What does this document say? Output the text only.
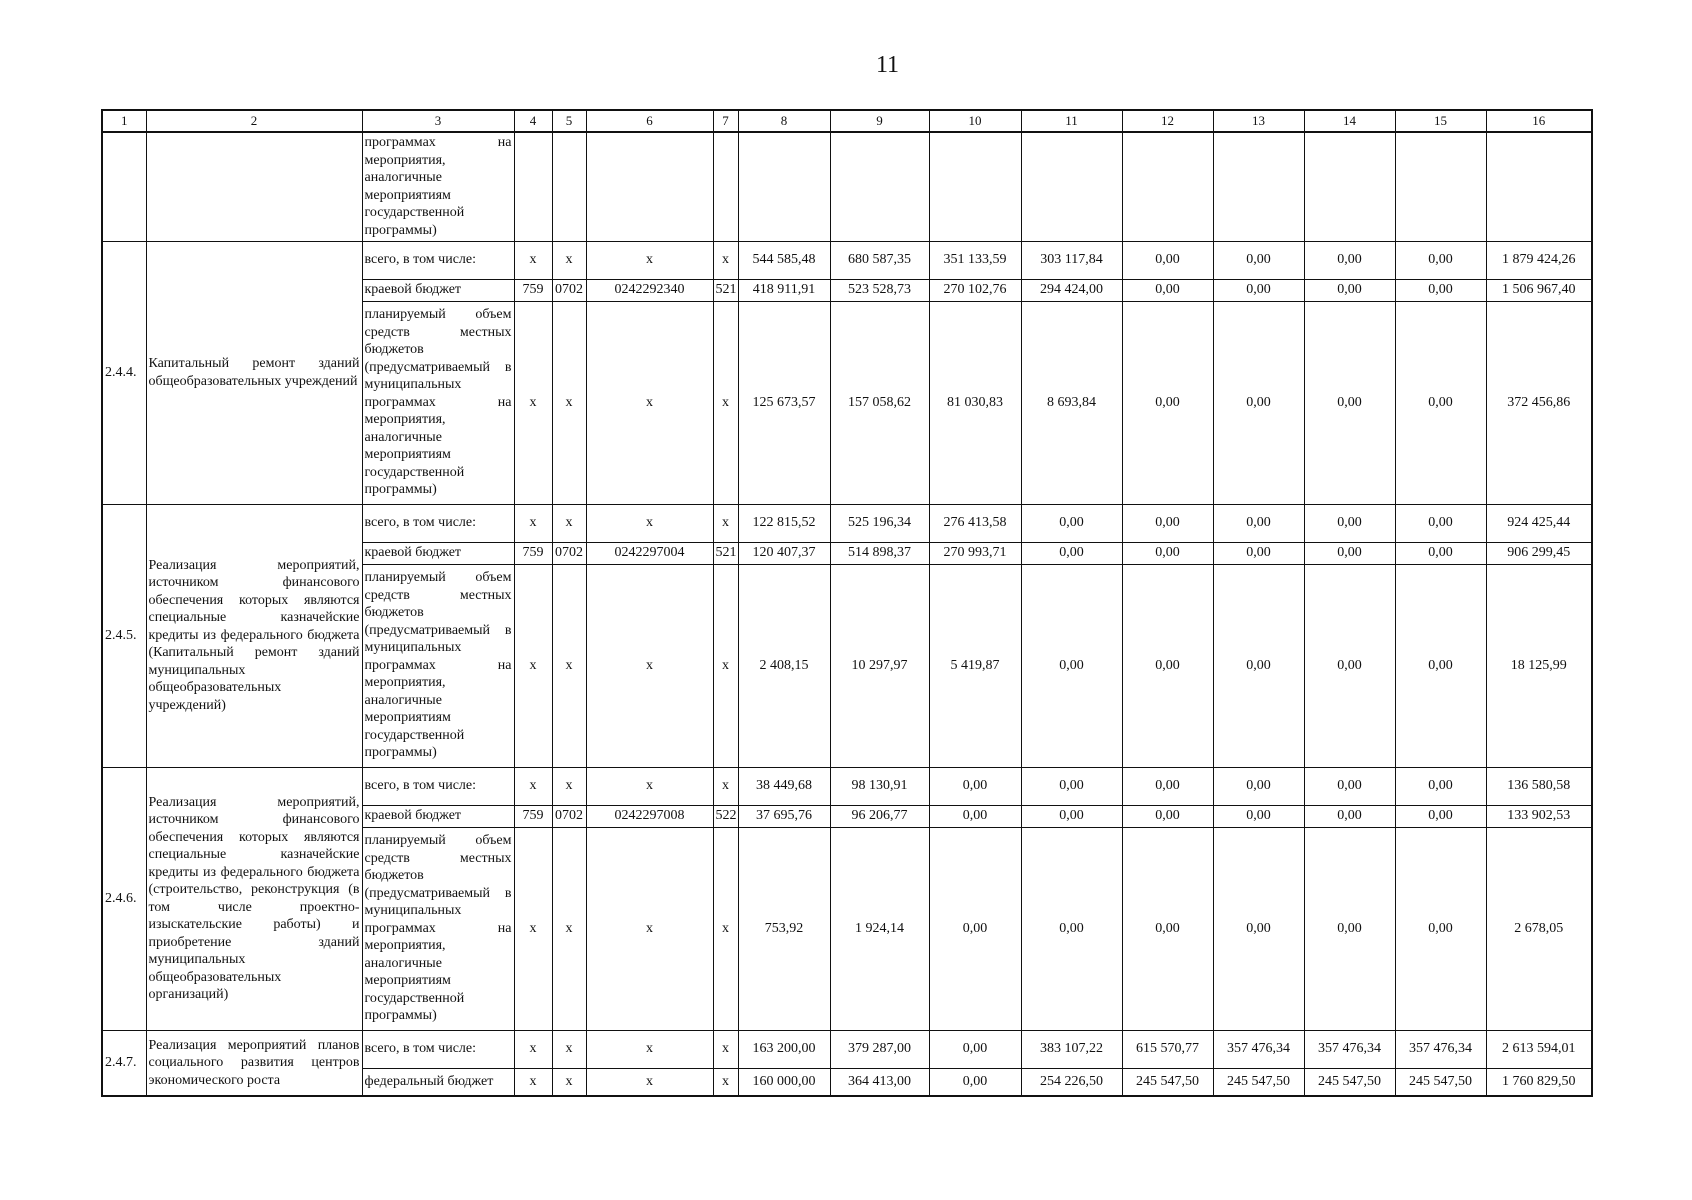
11
1	2	3	4	5	6	7	8	9	10	11	12	13	14	15	16
		программах на мероприятия, аналогичные мероприятиям государственной программы)													
2.4.4.	Капитальный ремонт зданий общеобразовательных учреждений	всего, в том числе:	х	х	х	х	544 585,48	680 587,35	351 133,59	303 117,84	0,00	0,00	0,00	0,00	1 879 424,26
		краевой бюджет	759	0702	0242292340	521	418 911,91	523 528,73	270 102,76	294 424,00	0,00	0,00	0,00	0,00	1 506 967,40
		планируемый объем средств местных бюджетов (предусматриваемый в муниципальных программах на мероприятия, аналогичные мероприятиям государственной программы)	х	х	х	х	125 673,57	157 058,62	81 030,83	8 693,84	0,00	0,00	0,00	0,00	372 456,86
2.4.5.	Реализация мероприятий, источником финансового обеспечения которых являются специальные казначейские кредиты из федерального бюджета (Капитальный ремонт зданий муниципальных общеобразовательных учреждений)	всего, в том числе:	х	х	х	х	122 815,52	525 196,34	276 413,58	0,00	0,00	0,00	0,00	0,00	924 425,44
		краевой бюджет	759	0702	0242297004	521	120 407,37	514 898,37	270 993,71	0,00	0,00	0,00	0,00	0,00	906 299,45
		планируемый объем средств местных бюджетов (предусматриваемый в муниципальных программах на мероприятия, аналогичные мероприятиям государственной программы)	х	х	х	х	2 408,15	10 297,97	5 419,87	0,00	0,00	0,00	0,00	0,00	18 125,99
2.4.6.	Реализация мероприятий, источником финансового обеспечения которых являются специальные казначейские кредиты из федерального бюджета (строительство, реконструкция (в том числе проектно-изыскательские работы) и приобретение зданий муниципальных общеобразовательных организаций)	всего, в том числе:	х	х	х	х	38 449,68	98 130,91	0,00	0,00	0,00	0,00	0,00	0,00	136 580,58
		краевой бюджет	759	0702	0242297008	522	37 695,76	96 206,77	0,00	0,00	0,00	0,00	0,00	0,00	133 902,53
		планируемый объем средств местных бюджетов (предусматриваемый в муниципальных программах на мероприятия, аналогичные мероприятиям государственной программы)	х	х	х	х	753,92	1 924,14	0,00	0,00	0,00	0,00	0,00	0,00	2 678,05
2.4.7.	Реализация мероприятий планов социального развития центров экономического роста	всего, в том числе:	х	х	х	х	163 200,00	379 287,00	0,00	383 107,22	615 570,77	357 476,34	357 476,34	357 476,34	2 613 594,01
		федеральный бюджет	х	х	х	х	160 000,00	364 413,00	0,00	254 226,50	245 547,50	245 547,50	245 547,50	245 547,50	1 760 829,50
